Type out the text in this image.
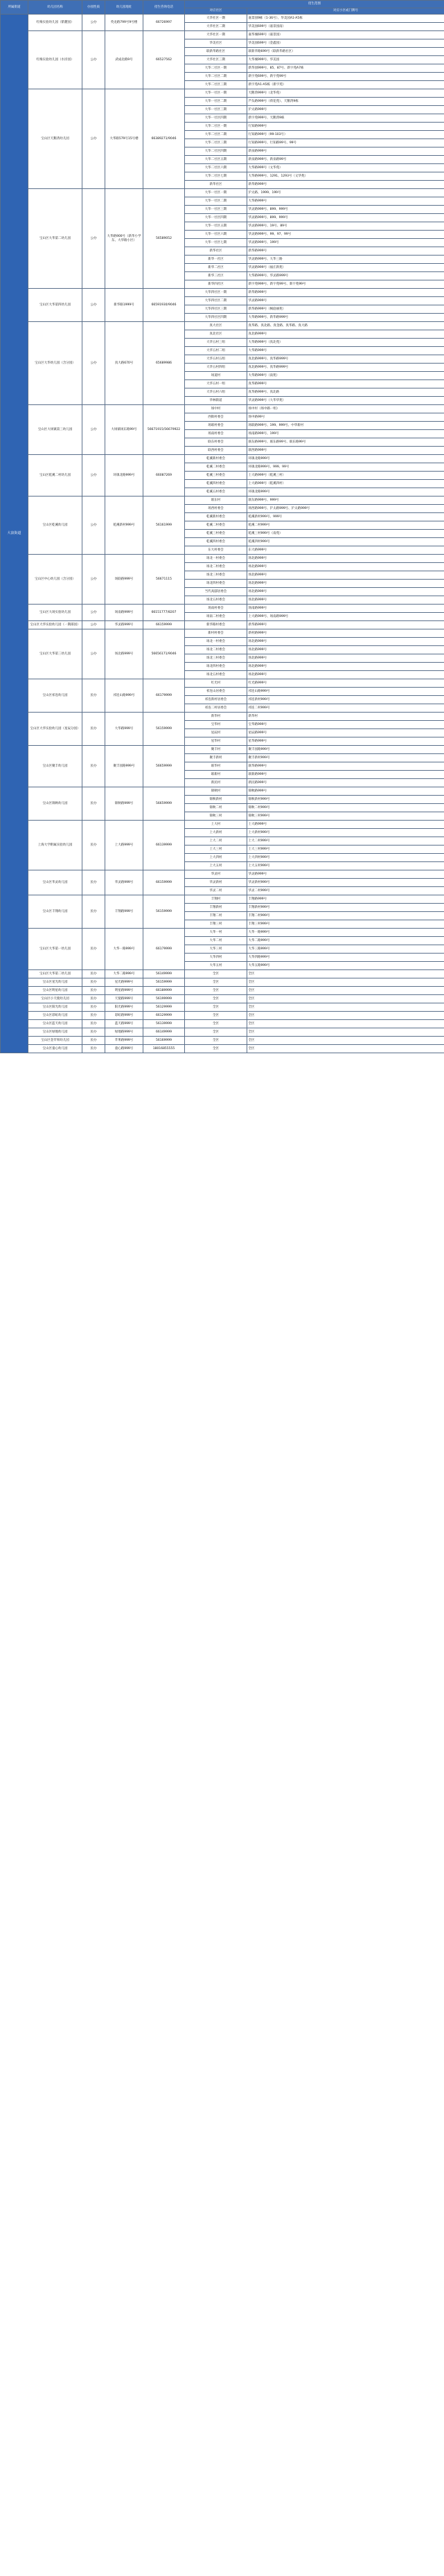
所属街道	幼儿园名称	办园性质	幼儿园地址	招生咨询电话	招生范围	
					对应社区	对应小区或门牌号
大浪街道	红梅实验幼儿园（紫麓园）	公办	英龙路799号9号楼	66726997	大华社区一期	嘉景园9栋（1-36号）、华美园A1-A5栋
					大华社区二期	华美园699号（嘉景园南）
	红梅实验幼儿园（水岸园）	公办	武成北路9号	66527562	大华社区一期	嘉华城699号（嘉景园）
					华美社区	华美园699号（金鑫园）
					联新华路社区	联新华路699号（联新华路社区）
					大华社区三期	大华城999号、华美园
					大华二社区一期	新华园999号、85、87号、新宇苑A7栋
					大华二社区二期	新宇苑699号、新宇苑99号
					大华二社区三期	新宇苑A1-A5栋（新宇苑）
	宝山区天鹅湾幼儿园	公办	大华路579号15号楼	66389271/9046	大华一社区一期	天鹅湾999号（北华苑）
					大华一社区二期	芦头路999号（荷花苑）、天鹅湾9栋
					大华一社区三期	沪太路999号
					大华一社区四期	新宇苑999号、天鹅湾9栋
					大华二社区一期	行知路999号
					大华二社区二期	行知路999号（99-103号）
					大华二社区三期	行知路999号、行知路99号、99号
					大华二社区四期	新泉路999号
					大华二社区五期	新泉路999号、新泉路99号
					大华二社区六期	大华路999号（文华苑）
					大华二社区七期	大华路999号、1291、1293号（文华苑）
					新华社区	新华路999号
	宝山区大华第二幼儿园	公办	大华路900号（新华小学东、大华路小区）	56589052	大华一社区一期	沪太路、1999、199号
					大华一社区二期	大华路999号
					大华一社区三期	华灵路999号、899、999号
					大华一社区四期	华灵路999号、899、999号
					大华一社区五期	华灵路999号、19号、89号
					大华一社区六期	华灵路999号、99、97、99号
					大华一社区七期	华灵路999号、199号
					新华社区	新华路999号
					新华一社区	华灵路999号、大华三路
					新华二社区	华灵路999号（福庄新苑）
					新华三社区	大华路999号、华灵路999号
					新华四社区	新宇苑999号、新宇苑99号、新宇苑99号
	宝山区大华第四幼儿园	公办	新华路1999号	66591930/9046	大华四社区一期	新华路999号
					大华四社区二期	华灵路999号
					大华四社区三期	新华路999号（枫庭丽苑）
					大华四社区四期	大华路999号、新华路999号
	宝山区大华幼儿园（含分园）	公办	真大路670号	65689986	真大社区	真华路、真北路、真金路、真华路、真大路
					真北社区	真北路999号
					大华五村三组	大华路999号（真北苑）
					大华五村二组	大华路999号
					大华五村五组	真北路999号、真华路999号
					大华五村四组	真北路999号、真华路999号
					场道村	大华路999号（南苑）
					大华五村一组	真华路999号
					大华五村六组	真华路999号、真北路
					华林街道	华灵路999号（大华华苑）
	宝山区大场镇第三幼儿园	公办	大场镇场东路99号	56671915/56679922	场中村	场中村（场中路一组）
					西街村委会	场中路99号
					场联村委会	场联路999号、199、999号、中华新村
					场南村委会	场南路999号、199号
					联东村委会	联东路999号、联东路99号、联东路99号
					联西村委会	联西路999号
	宝山区乾溪二村幼儿园	公办	环镇北路999号	66087269	乾溪新村委会	环镇北路999号
					乾溪二村委会	环镇北路999号、999、99号
					乾溪三村委会	上大路999号（乾溪三村）
					乾溪四村委会	上大路999号（乾溪四村）
					乾溪五村委会	环镇北路999号
	宝山区乾溪幼儿园	公办	乾溪新村999号	56161999	联东村	联东路999号、999号
					场西村委会	场西路999号、沪太路999号、沪太路999号
					乾溪新村委会	乾溪新村999号、999号
					乾溪二村委会	乾溪二村999号
					乾溪三村委会	乾溪三村999号（南苑）
					乾溪四村委会	乾溪四村999号
					东大村委会	东大路999号
	宝山区中心幼儿园（含分园）	公办	场联路999号	56671115	场北一村委会	场北路999号
					场北二村委会	场北路999号
					场北三村委会	场北路999号
					场北四村委会	场北路999号
					当代高邸居委会	场北路999号
					场北五村委会	场北路999号
	宝山区大场实验幼儿园	公办	场南路999号	66151777/8207	场南村委会	场南路999号
					场南二村委会	上大路999号、场南路999号
	宝山区大华实验幼儿园（一期部园）	公办	华灵路999号	66159999	新华路村委会	新华路999号
	宝山区大华第三幼儿园	公办	场北路999号	56656171/9046	新村村委会	新村路999号
					场北一村委会	场北路999号
					场北二村委会	场北路999号
					场北三村委会	场北路999号
					场北四村委会	场北路999号
					场北五村委会	场北路999号
	宝山区祁连幼儿园	民办	祁连山路999号	66179999	红光村	红光路999号
					祁连山居委会	祁连山路999号
					祁连新村居委会	祁连新村999号
					祁连二村居委会	祁连二村999号
	宝山区大华实验幼儿园（星辰分园）	民办	大华路999号	56159999	新华村	新华村
					宝华村	宝华路999号
					星辰村	星辰路999号
					星华村	星华路999号
	宝山区聚丰幼儿园	民办	聚丰园路999号	56659999	聚丰村	聚丰园路999号
					聚丰新村	聚丰新村999号
					联华村	联华路999号
					联新村	联新路999号
					新民村	新民路999号
	宝山区锦秋幼儿园	民办	锦秋路999号	56659999	锦秋村	锦秋路999号
					锦秋新村	锦秋新村999号
					锦秋二村	锦秋二村999号
					锦秋三村	锦秋三村999号
	上海大学附属实验幼儿园	民办	上大路999号	66139999	上大村	上大路999号
					上大新村	上大新村999号
					上大二村	上大二村999号
					上大三村	上大三村999号
					上大四村	上大四村999号
					上大五村	上大五村999号
	宝山区华灵幼儿园	民办	华灵路999号	66159999	华灵村	华灵路999号
					华灵新村	华灵新村999号
					华灵二村	华灵二村999号
	宝山区丰翔幼儿园	民办	丰翔路999号	56159999	丰翔村	丰翔路999号
					丰翔新村	丰翔新村999号
					丰翔二村	丰翔二村999号
					丰翔三村	丰翔三村999号
	宝山区大华第一幼儿园	民办	大华一路999号	66179999	大华一村	大华一路999号
					大华二村	大华二路999号
					大华三村	大华三路999号
					大华四村	大华四路999号
					大华五村	大华五路999号
	宝山区大华第二幼儿园	民办	大华二路999号	56149999	全区	全区
	宝山区星光幼儿园	民办	星光路999号	56159999	全区	全区
	宝山区明星幼儿园	民办	明星路999号	66189999	全区	全区
	宝山区小天使幼儿园	民办	天使路999号	56199999	全区	全区
	宝山区阳光幼儿园	民办	阳光路999号	56129999	全区	全区
	宝山区彩虹幼儿园	民办	彩虹路999号	66129999	全区	全区
	宝山区蓝天幼儿园	民办	蓝天路999号	56139999	全区	全区
	宝山区绿地幼儿园	民办	绿地路999号	66149999	全区	全区
	宝山区金苹果幼儿园	民办	苹果路999号	56169999	全区	全区
	宝山区童心幼儿园	民办	童心路999号	18016855555	全区	全区
